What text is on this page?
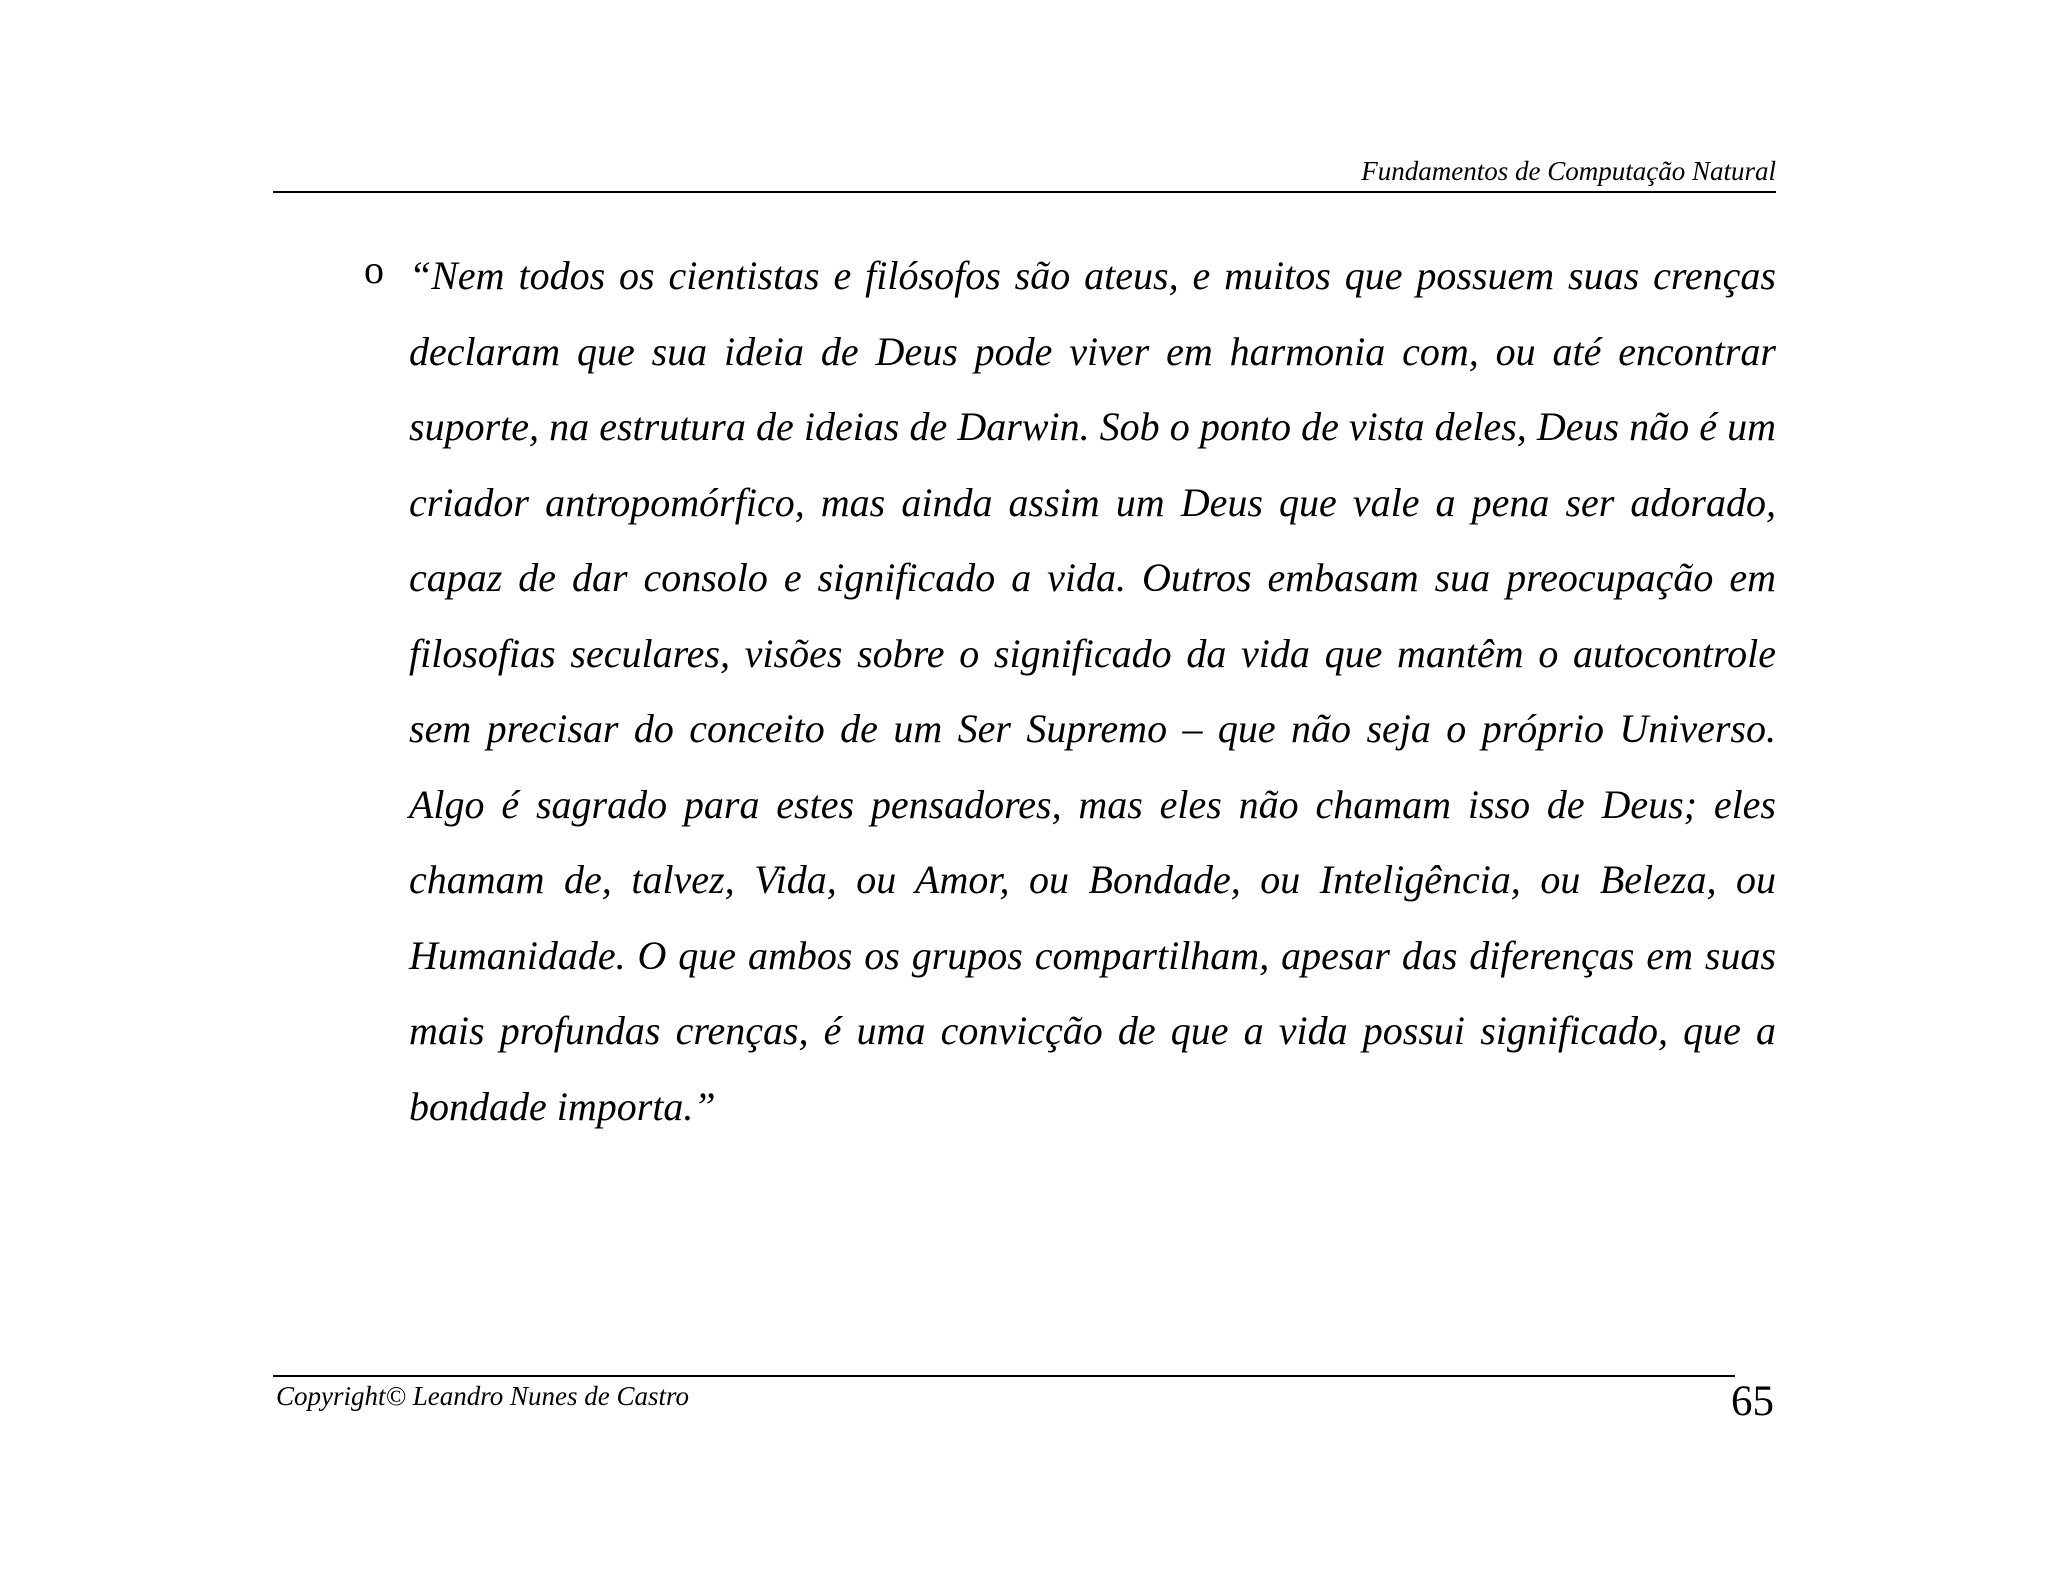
Fundamentos de Computação Natural
o “Nem todos os cientistas e filósofos são ateus, e muitos que possuem suas crenças declaram que sua ideia de Deus pode viver em harmonia com, ou até encontrar suporte, na estrutura de ideias de Darwin. Sob o ponto de vista deles, Deus não é um criador antropomórfico, mas ainda assim um Deus que vale a pena ser adorado, capaz de dar consolo e significado a vida. Outros embasam sua preocupação em filosofias seculares, visões sobre o significado da vida que mantêm o autocontrole sem precisar do conceito de um Ser Supremo – que não seja o próprio Universo. Algo é sagrado para estes pensadores, mas eles não chamam isso de Deus; eles chamam de, talvez, Vida, ou Amor, ou Bondade, ou Inteligência, ou Beleza, ou Humanidade. O que ambos os grupos compartilham, apesar das diferenças em suas mais profundas crenças, é uma convicção de que a vida possui significado, que a bondade importa.”

Copyright© Leandro Nunes de Castro	65
